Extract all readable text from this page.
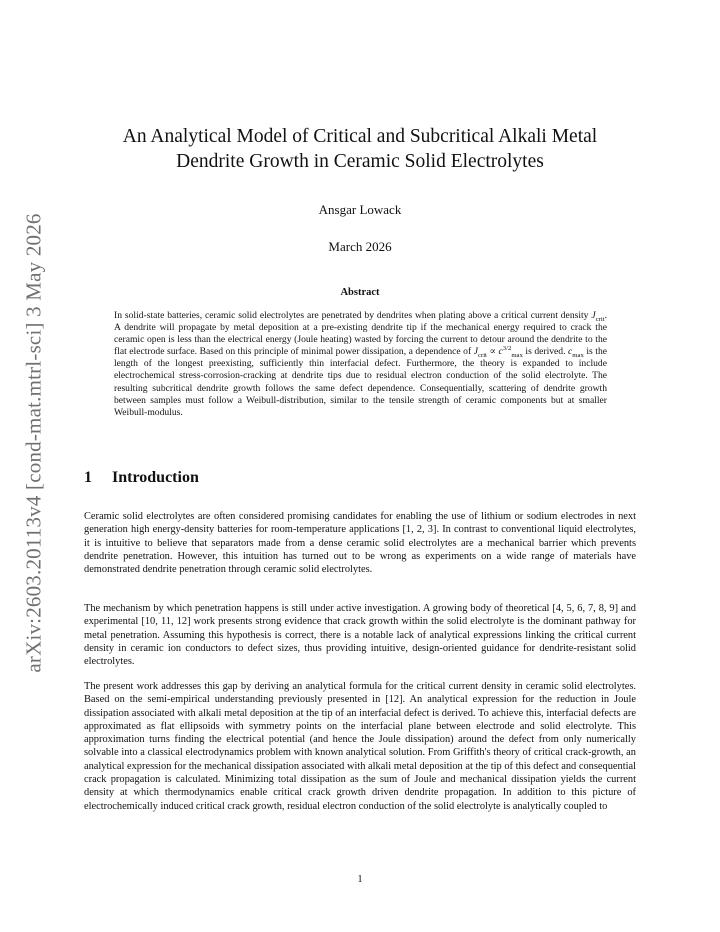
arXiv:2603.20113v4 [cond-mat.mtrl-sci] 3 May 2026
An Analytical Model of Critical and Subcritical Alkali Metal Dendrite Growth in Ceramic Solid Electrolytes
Ansgar Lowack
March 2026
Abstract
In solid-state batteries, ceramic solid electrolytes are penetrated by dendrites when plating above a critical current density $J_{crit}$. A dendrite will propagate by metal deposition at a pre-existing dendrite tip if the mechanical energy required to crack the ceramic open is less than the electrical energy (Joule heating) wasted by forcing the current to detour around the dendrite to the flat electrode surface. Based on this principle of minimal power dissipation, a dependence of $J_{crit} \propto c^{3/2}_{max}$ is derived. $c_{max}$ is the length of the longest preexisting, sufficiently thin interfacial defect. Furthermore, the theory is expanded to include electrochemical stress-corrosion-cracking at dendrite tips due to residual electron conduction of the solid electrolyte. The resulting subcritical dendrite growth follows the same defect dependence. Consequentially, scattering of dendrite growth between samples must follow a Weibull-distribution, similar to the tensile strength of ceramic components but at smaller Weibull-modulus.
1 Introduction

Ceramic solid electrolytes are often considered promising candidates for enabling the use of lithium or sodium electrodes in next generation high energy-density batteries for room-temperature applications [1, 2, 3]. In contrast to conventional liquid electrolytes, it is intuitive to believe that separators made from a dense ceramic solid electrolytes are a mechanical barrier which prevents dendrite penetration. However, this intuition has turned out to be wrong as experiments on a wide range of materials have demonstrated dendrite penetration through ceramic solid electrolytes.

The mechanism by which penetration happens is still under active investigation. A growing body of theoretical [4, 5, 6, 7, 8, 9] and experimental [10, 11, 12] work presents strong evidence that crack growth within the solid electrolyte is the dominant pathway for metal penetration. Assuming this hypothesis is correct, there is a notable lack of analytical expressions linking the critical current density in ceramic ion conductors to defect sizes, thus providing intuitive, design-oriented guidance for dendrite-resistant solid electrolytes.

The present work addresses this gap by deriving an analytical formula for the critical current density in ceramic solid electrolytes. Based on the semi-empirical understanding previously presented in [12]. An analytical expression for the reduction in Joule dissipation associated with alkali metal deposition at the tip of an interfacial defect is derived. To achieve this, interfacial defects are approximated as flat ellipsoids with symmetry points on the interfacial plane between electrode and solid electrolyte. This approximation turns finding the electrical potential (and hence the Joule dissipation) around the defect from only numerically solvable into a classical electrodynamics problem with known analytical solution. From Griffith's theory of critical crack-growth, an analytical expression for the mechanical dissipation associated with alkali metal deposition at the tip of this defect and consequential crack propagation is calculated. Minimizing total dissipation as the sum of Joule and mechanical dissipation yields the current density at which thermodynamics enable critical crack growth driven dendrite propagation. In addition to this picture of electrochemically induced critical crack growth, residual electron conduction of the solid electrolyte is analytically coupled to

1
